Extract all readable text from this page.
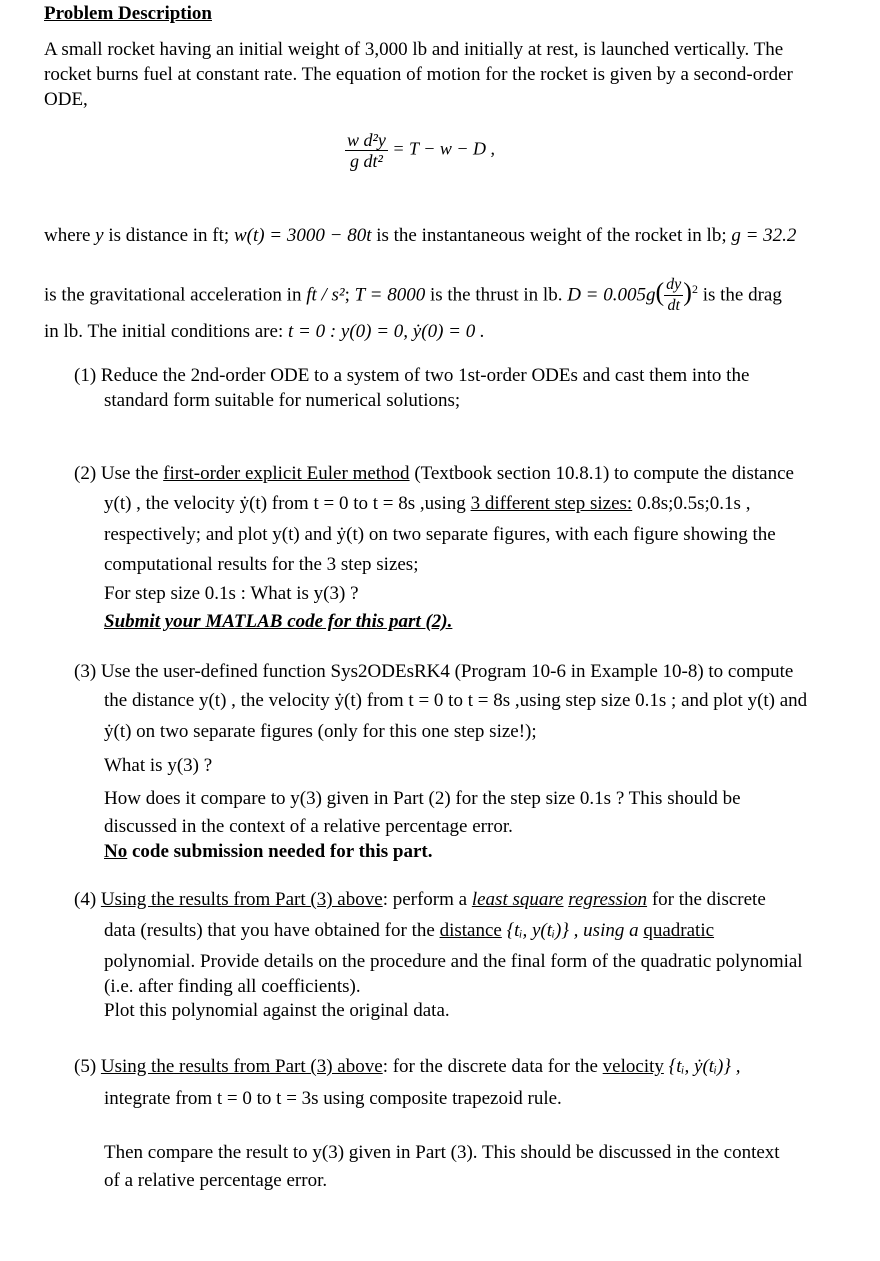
Problem Description
A small rocket having an initial weight of 3,000 lb and initially at rest, is launched vertically. The
rocket burns fuel at constant rate. The equation of motion for the rocket is given by a second-order
ODE,
$\frac{\text{w d²y}}{\text{g dt²}} = T - w - D$ ,
where y is distance in ft; w(t) = 3000 − 80t is the instantaneous weight of the rocket in lb; g = 32.2
is the gravitational acceleration in ft / s²; T = 8000 is the thrust in lb. $D = 0.005g( \frac{dy}{dt} )^2$ is the drag
in lb. The initial conditions are: t = 0 : y(0) = 0, ẏ(0) = 0 .
(1) Reduce the 2nd-order ODE to a system of two 1st-order ODEs and cast them into the
standard form suitable for numerical solutions;
(2) Use the first-order explicit Euler method (Textbook section 10.8.1) to compute the distance
y(t) , the velocity ẏ(t) from t = 0 to t = 8s ,using 3 different step sizes: 0.8s;0.5s;0.1s ,
respectively; and plot y(t) and ẏ(t) on two separate figures, with each figure showing the
computational results for the 3 step sizes;
For step size 0.1s : What is y(3) ?
Submit your MATLAB code for this part (2).
(3) Use the user-defined function Sys2ODEsRK4 (Program 10-6 in Example 10-8) to compute
the distance y(t) , the velocity ẏ(t) from t = 0 to t = 8s ,using step size 0.1s ; and plot y(t) and
ẏ(t) on two separate figures (only for this one step size!);
What is y(3) ?
How does it compare to y(3) given in Part (2) for the step size 0.1s ? This should be
discussed in the context of a relative percentage error.
No code submission needed for this part.
(4) Using the results from Part (3) above: perform a least square regression for the discrete
data (results) that you have obtained for the distance {tᵢ, y(tᵢ)} , using a quadratic
polynomial. Provide details on the procedure and the final form of the quadratic polynomial
(i.e. after finding all coefficients).
Plot this polynomial against the original data.
(5) Using the results from Part (3) above: for the discrete data for the velocity {tᵢ, ẏ(tᵢ)} ,
integrate from t = 0 to t = 3s using composite trapezoid rule.
Then compare the result to y(3) given in Part (3). This should be discussed in the context
of a relative percentage error.
